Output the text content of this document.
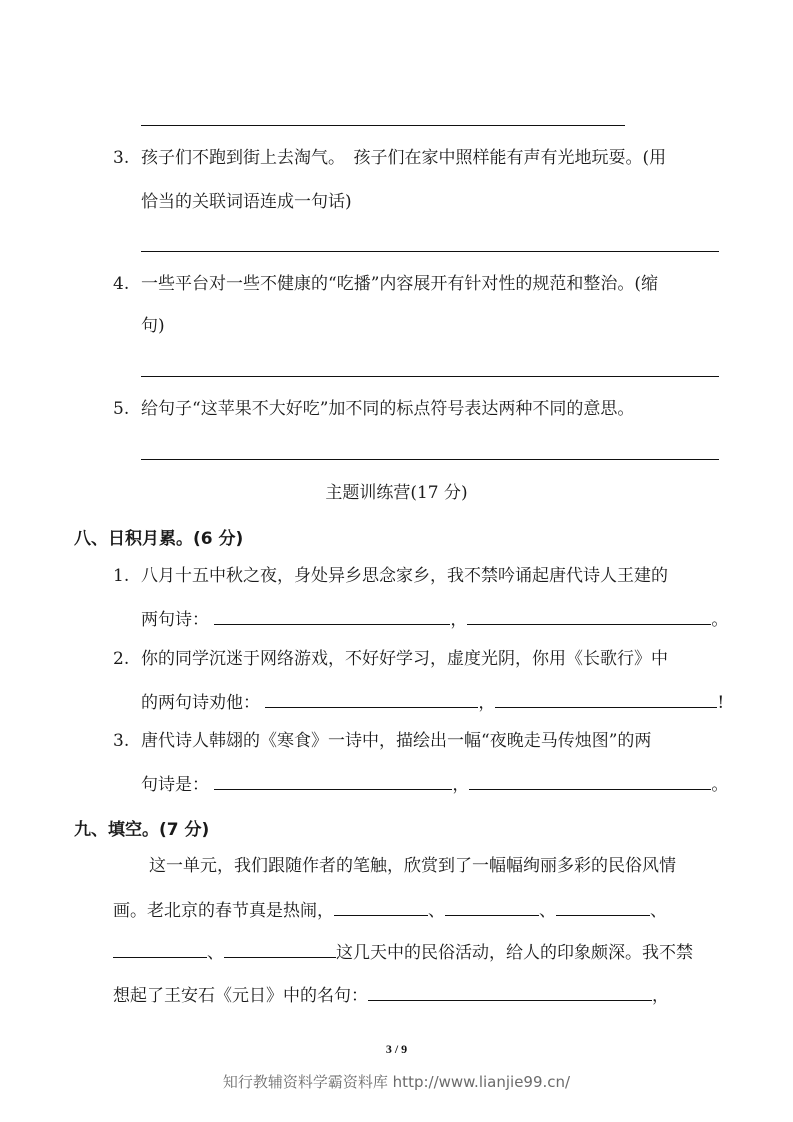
3. 孩子们不跑到街上去淘气。　孩子们在家中照样能有声有光地玩耍。(用
恰当的关联词语连成一句话)
4. 一些平台对一些不健康的“吃播”内容展开有针对性的规范和整治。(缩
句)
5. 给句子“这苹果不大好吃”加不同的标点符号表达两种不同的意思。
主题训练营(17 分)
八、日积月累。(6 分)
1. 八月十五中秋之夜，身处异乡思念家乡，我不禁吟诵起唐代诗人王建的
两句诗：	，	。
2. 你的同学沉迷于网络游戏，不好好学习，虚度光阴，你用《长歌行》中
的两句诗劝他：	，	!
3. 唐代诗人韩翃的《寒食》一诗中，描绘出一幅“夜晚走马传烛图”的两
句诗是：	，	。
九、填空。(7 分)
这一单元，我们跟随作者的笔触，欣赏到了一幅幅绚丽多彩的民俗风情
画。老北京的春节真是热闹，	、	、	、
、	这几天中的民俗活动，给人的印象颇深。我不禁
想起了王安石《元日》中的名句：	，
3 / 9
知行教辅资料学霸资料库 http://www.lianjie99.cn/
